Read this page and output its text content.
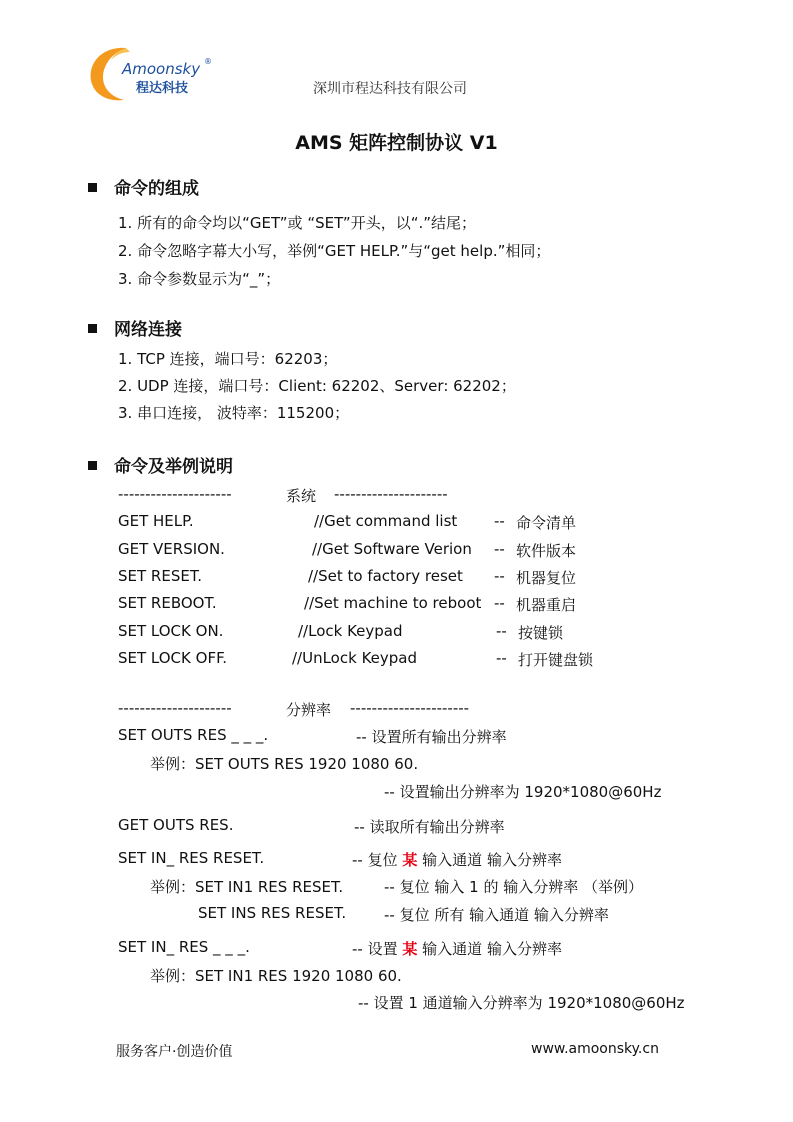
Amoonsky ®
程达科技	深圳市程达科技有限公司
AMS 矩阵控制协议 V1
命令的组成
1. 所有的命令均以“GET”或 “SET”开头，以“.”结尾；
2. 命令忽略字幕大小写，举例“GET HELP.”与“get help.”相同；
3. 命令参数显示为“_”；
网络连接
1. TCP 连接，端口号：62203；
2. UDP 连接，端口号：Client: 62202、Server: 62202；
3. 串口连接， 波特率：115200；
命令及举例说明
---------------------	系统 ---------------------
GET HELP.	//Get command list -- 命令清单
GET VERSION.	//Get Software Verion -- 软件版本
SET RESET.	//Set to factory reset -- 机器复位
SET REBOOT.	//Set machine to reboot -- 机器重启
SET LOCK ON.	//Lock Keypad	-- 按键锁
SET LOCK OFF.	//UnLock Keypad	-- 打开键盘锁
---------------------	分辨率 ----------------------
SET OUTS RES _ _ _.	-- 设置所有输出分辨率
举例：SET OUTS RES 1920 1080 60.
-- 设置输出分辨率为 1920*1080@60Hz
GET OUTS RES.	-- 读取所有输出分辨率
SET IN_ RES RESET.	-- 复位 某 输入通道 输入分辨率
举例：SET IN1 RES RESET.	-- 复位 输入 1 的 输入分辨率 （举例）
SET INS RES RESET.	-- 复位 所有 输入通道 输入分辨率
SET IN_ RES _ _ _.	-- 设置 某 输入通道 输入分辨率
举例：SET IN1 RES 1920 1080 60.
-- 设置 1 通道输入分辨率为 1920*1080@60Hz
服务客户·创造价值	www.amoonsky.cn
